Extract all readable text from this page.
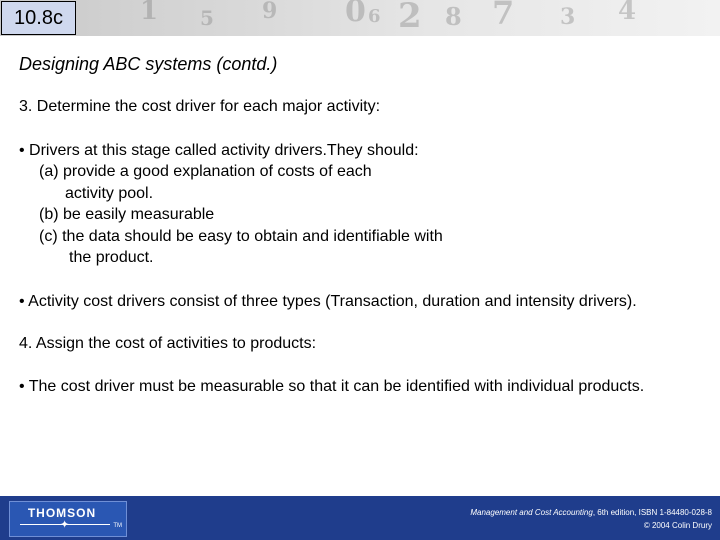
1 5 9 0 6 2 8 7 3 4
10.8c
Designing ABC systems (contd.)

3. Determine the cost driver for each major activity:

• Drivers at this stage called activity drivers.They should:

(a) provide a good explanation of costs of each

activity pool.

(b) be easily measurable

(c) the data should be easy to obtain and identifiable with

the product.

• Activity cost drivers consist of three types (Transaction, duration and intensity drivers).

4. Assign the cost of activities to products:

• The cost driver must be measurable so that it can be identified with individual products.

THOMSON
✦	TM
Management and Cost Accounting, 6th edition, ISBN 1-84480-028-8
© 2004 Colin Drury
